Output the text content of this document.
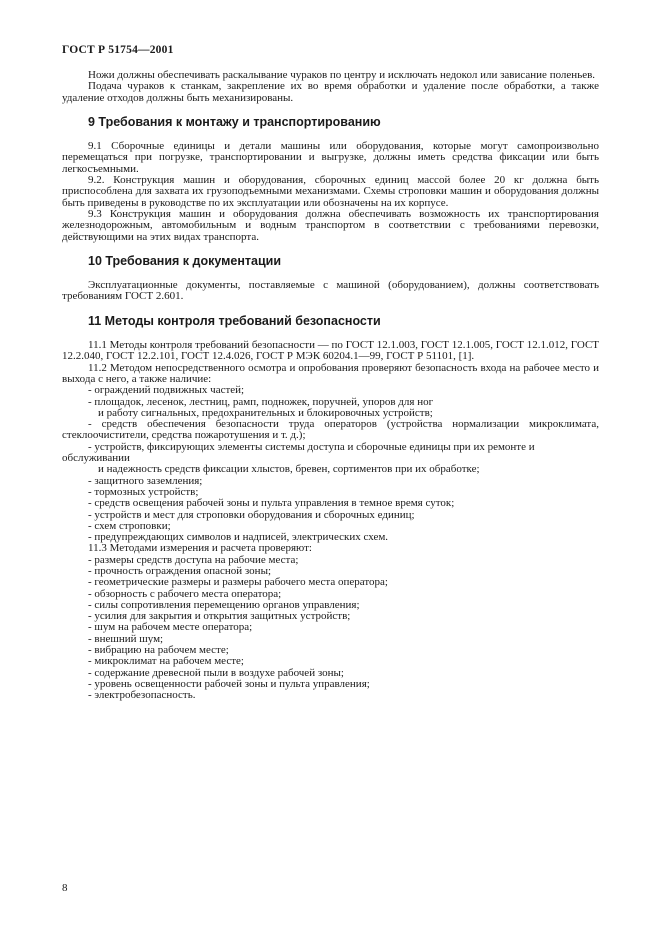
ГОСТ Р 51754—2001

Ножи должны обеспечивать раскалывание чураков по центру и исключать недокол или зависание поленьев.

Подача чураков к станкам, закрепление их во время обработки и удаление после обработки, а также удаление отходов должны быть механизированы.

9 Требования к монтажу и транспортированию

9.1 Сборочные единицы и детали машины или оборудования, которые могут самопроизвольно перемещаться при погрузке, транспортировании и выгрузке, должны иметь средства фиксации или быть легкосъемными.

9.2. Конструкция машин и оборудования, сборочных единиц массой более 20 кг должна быть приспособлена для захвата их грузоподъемными механизмами. Схемы строповки машин и оборудования должны быть приведены в руководстве по их эксплуатации или обозначены на их корпусе.

9.3 Конструкция машин и оборудования должна обеспечивать возможность их транспортирования железнодорожным, автомобильным и водным транспортом в соответствии с требованиями перевозки, действующими на этих видах транспорта.

10 Требования к документации

Эксплуатационные документы, поставляемые с машиной (оборудованием), должны соответствовать требованиям ГОСТ 2.601.

11 Методы контроля требований безопасности

11.1 Методы контроля требований безопасности — по ГОСТ 12.1.003, ГОСТ 12.1.005, ГОСТ 12.1.012, ГОСТ 12.2.040, ГОСТ 12.2.101, ГОСТ 12.4.026, ГОСТ Р МЭК 60204.1—99, ГОСТ Р 51101, [1].

11.2 Методом непосредственного осмотра и опробования проверяют безопасность входа на рабочее место и выхода с него, а также наличие:

- ограждений подвижных частей;

- площадок, лесенок, лестниц, рамп, подножек, поручней, упоров для ног

и работу сигнальных, предохранительных и блокировочных устройств;

- средств обеспечения безопасности труда операторов (устройства нормализации микроклимата, стеклоочистители, средства пожаротушения и т. д.);

- устройств, фиксирующих элементы системы доступа и сборочные единицы при их ремонте и обслуживании

и надежность средств фиксации хлыстов, бревен, сортиментов при их обработке;

- защитного заземления;

- тормозных устройств;

- средств освещения рабочей зоны и пульта управления в темное время суток;

- устройств и мест для строповки оборудования и сборочных единиц;

- схем строповки;

- предупреждающих символов и надписей, электрических схем.

11.3 Методами измерения и расчета проверяют:

- размеры средств доступа на рабочие места;

- прочность ограждения опасной зоны;

- геометрические размеры и размеры рабочего места оператора;

- обзорность с рабочего места оператора;

- силы сопротивления перемещению органов управления;

- усилия для закрытия и открытия защитных устройств;

- шум на рабочем месте оператора;

- внешний шум;

- вибрацию на рабочем месте;

- микроклимат на рабочем месте;

- содержание древесной пыли в воздухе рабочей зоны;

- уровень освещенности рабочей зоны и пульта управления;

- электробезопасность.

8
